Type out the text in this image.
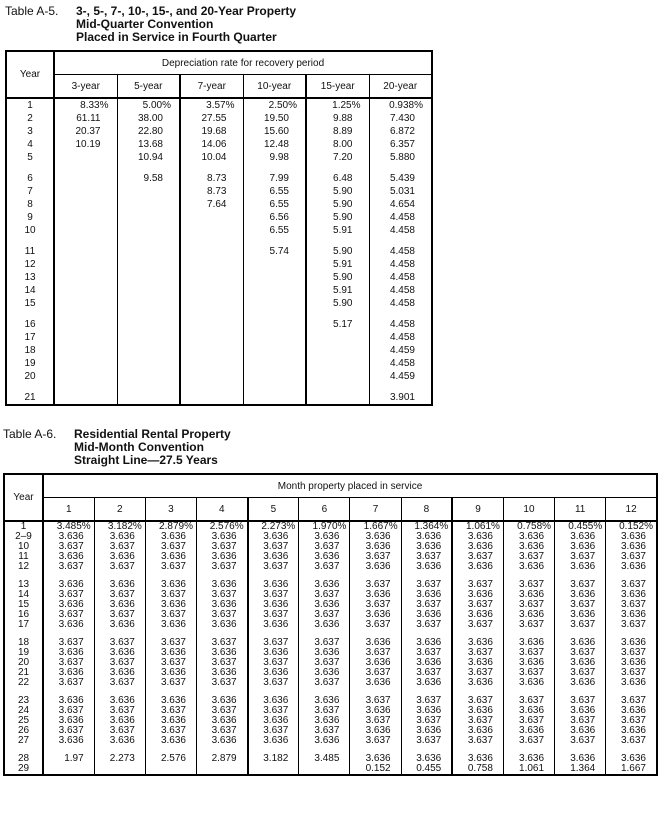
Table A-5.	3-, 5-, 7-, 10-, 15-, and 20-Year Property
Mid-Quarter Convention
Placed in Service in Fourth Quarter
Year	Depreciation rate for recovery period					
	3-year	5-year	7-year	10-year	15-year	20-year
1	8.33%	5.00%	3.57%	2.50%	1.25%	0.938%
2	61.11	38.00	27.55	19.50	9.88	7.430
3	20.37	22.80	19.68	15.60	8.89	6.872
4	10.19	13.68	14.06	12.48	8.00	6.357
5		10.94	10.04	9.98	7.20	5.880

6		9.58	8.73	7.99	6.48	5.439
7			8.73	6.55	5.90	5.031
8			7.64	6.55	5.90	4.654
9				6.56	5.90	4.458
10				6.55	5.91	4.458

11				5.74	5.90	4.458
12					5.91	4.458
13					5.90	4.458
14					5.91	4.458
15					5.90	4.458

16					5.17	4.458
17						4.458
18						4.459
19						4.458
20						4.459

21						3.901
Table A-6.	Residential Rental Property
Mid-Month Convention
Straight Line—27.5 Years
Year	Month property placed in service											
	1	2	3	4	5	6	7	8	9	10	11	12
1	3.485%	3.182%	2.879%	2.576%	2.273%	1.970%	1.667%	1.364%	1.061%	0.758%	0.455%	0.152%
2–9	3.636	3.636	3.636	3.636	3.636	3.636	3.636	3.636	3.636	3.636	3.636	3.636
10	3.637	3.637	3.637	3.637	3.637	3.637	3.636	3.636	3.636	3.636	3.636	3.636
11	3.636	3.636	3.636	3.636	3.636	3.636	3.637	3.637	3.637	3.637	3.637	3.637
12	3.637	3.637	3.637	3.637	3.637	3.637	3.636	3.636	3.636	3.636	3.636	3.636

13	3.636	3.636	3.636	3.636	3.636	3.636	3.637	3.637	3.637	3.637	3.637	3.637
14	3.637	3.637	3.637	3.637	3.637	3.637	3.636	3.636	3.636	3.636	3.636	3.636
15	3.636	3.636	3.636	3.636	3.636	3.636	3.637	3.637	3.637	3.637	3.637	3.637
16	3.637	3.637	3.637	3.637	3.637	3.637	3.636	3.636	3.636	3.636	3.636	3.636
17	3.636	3.636	3.636	3.636	3.636	3.636	3.637	3.637	3.637	3.637	3.637	3.637

18	3.637	3.637	3.637	3.637	3.637	3.637	3.636	3.636	3.636	3.636	3.636	3.636
19	3.636	3.636	3.636	3.636	3.636	3.636	3.637	3.637	3.637	3.637	3.637	3.637
20	3.637	3.637	3.637	3.637	3.637	3.637	3.636	3.636	3.636	3.636	3.636	3.636
21	3.636	3.636	3.636	3.636	3.636	3.636	3.637	3.637	3.637	3.637	3.637	3.637
22	3.637	3.637	3.637	3.637	3.637	3.637	3.636	3.636	3.636	3.636	3.636	3.636

23	3.636	3.636	3.636	3.636	3.636	3.636	3.637	3.637	3.637	3.637	3.637	3.637
24	3.637	3.637	3.637	3.637	3.637	3.637	3.636	3.636	3.636	3.636	3.636	3.636
25	3.636	3.636	3.636	3.636	3.636	3.636	3.637	3.637	3.637	3.637	3.637	3.637
26	3.637	3.637	3.637	3.637	3.637	3.637	3.636	3.636	3.636	3.636	3.636	3.636
27	3.636	3.636	3.636	3.636	3.636	3.636	3.637	3.637	3.637	3.637	3.637	3.637

28	1.97	2.273	2.576	2.879	3.182	3.485	3.636	3.636	3.636	3.636	3.636	3.636
29							0.152	0.455	0.758	1.061	1.364	1.667
